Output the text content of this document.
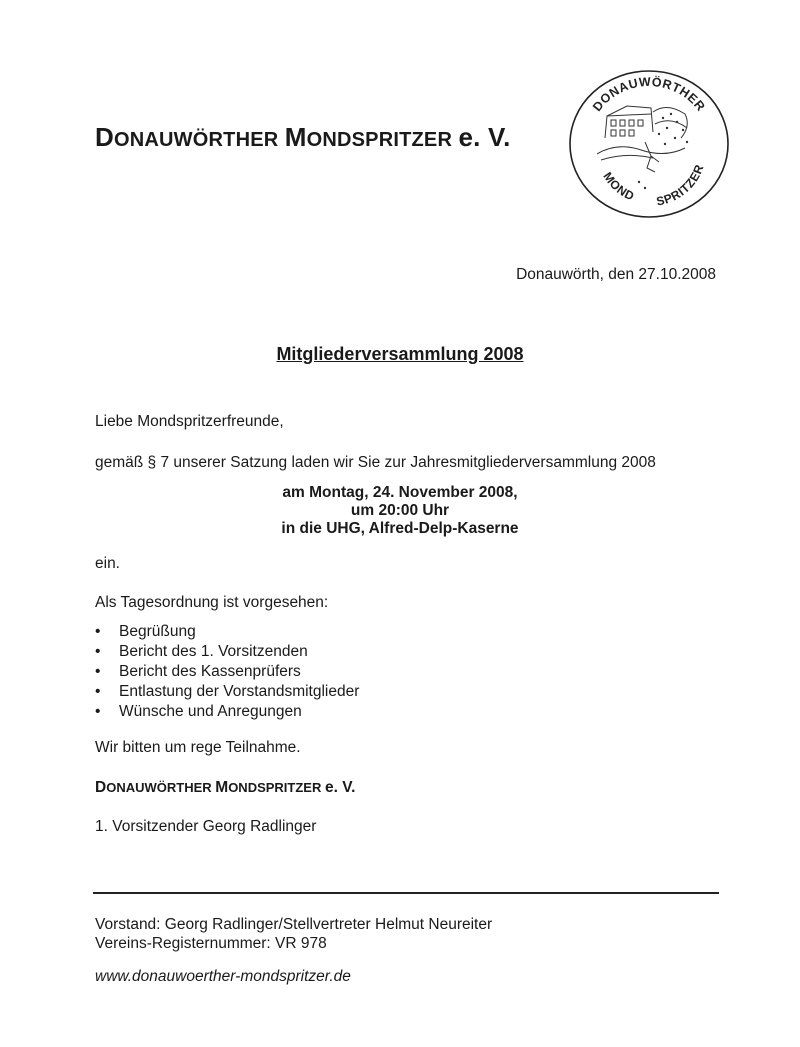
DONAUWÖRTHER MONDSPRITZER e. V.
DONAUWÖRTHER
MOND SPRITZER
Donauwörth, den 27.10.2008
Mitgliederversammlung 2008
Liebe Mondspritzerfreunde,
gemäß § 7 unserer Satzung laden wir Sie zur Jahresmitgliederversammlung 2008
am Montag, 24. November 2008,
um 20:00 Uhr
in die UHG, Alfred-Delp-Kaserne
ein.
Als Tagesordnung ist vorgesehen:
• Begrüßung
• Bericht des 1. Vorsitzenden
• Bericht des Kassenprüfers
• Entlastung der Vorstandsmitglieder
• Wünsche und Anregungen
Wir bitten um rege Teilnahme.
DONAUWÖRTHER MONDSPRITZER e. V.
1. Vorsitzender Georg Radlinger
Vorstand: Georg Radlinger/Stellvertreter Helmut Neureiter
Vereins-Registernummer: VR 978
www.donauwoerther-mondspritzer.de
